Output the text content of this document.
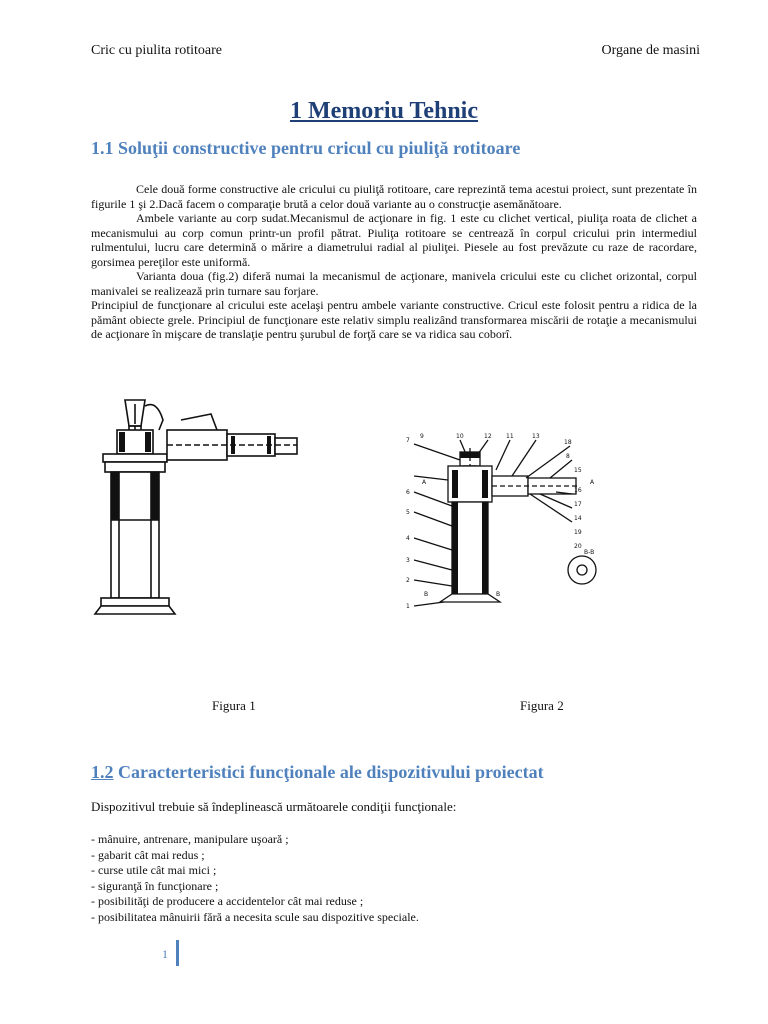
Cric cu piulita rotitoare	Organe de masini
1 Memoriu Tehnic
1.1 Soluţii constructive pentru cricul cu piuliţă rotitoare

Cele două forme constructive ale cricului cu piuliţă rotitoare, care reprezintă tema acestui proiect, sunt prezentate în figurile 1 şi 2.Dacă facem o comparaţie brută a celor două variante au o construcţie asemănătoare.

Ambele variante au corp sudat.Mecanismul de acţionare in fig. 1 este cu clichet vertical, piuliţa roata de clichet a mecanismului au corp comun printr-un profil pătrat. Piuliţa rotitoare se centrează în corpul cricului prin intermediul rulmentului, lucru care determină o mărire a diametrului radial al piuliţei. Piesele au fost prevăzute cu raze de racordare, gorsimea pereţilor este uniformă.

Varianta doua (fig.2) diferă numai la mecanismul de acţionare, manivela cricului este cu clichet orizontal, corpul manivalei se realizează prin turnare sau forjare.

Principiul de funcţionare al cricului este acelaşi pentru ambele variante constructive. Cricul este folosit pentru a ridica de la pământ obiecte grele. Principiul de funcţionare este relativ simplu realizând transformarea miscării de rotaţie a mecanismului de acţionare în mişcare de translaţie pentru şurubul de forţă care se va ridica sau coborî.

7
A
6
5
4
3
2
B
1
9	10	12 11	13
18
8
15
16
A
17
14
19
20
B-B
B
Figura 1	Figura 2
1.2 Caracterteristici funcţionale ale dispozitivului proiectat
Dispozitivul trebuie să îndeplinească următoarele condiţii funcţionale:
- mânuire, antrenare, manipulare uşoară ;
- gabarit cât mai redus ;
- curse utile cât mai mici ;
- siguranţă în funcţionare ;
- posibilităţi de producere a accidentelor cât mai reduse ;
- posibilitatea mânuirii fără a necesita scule sau dispozitive speciale.
1
